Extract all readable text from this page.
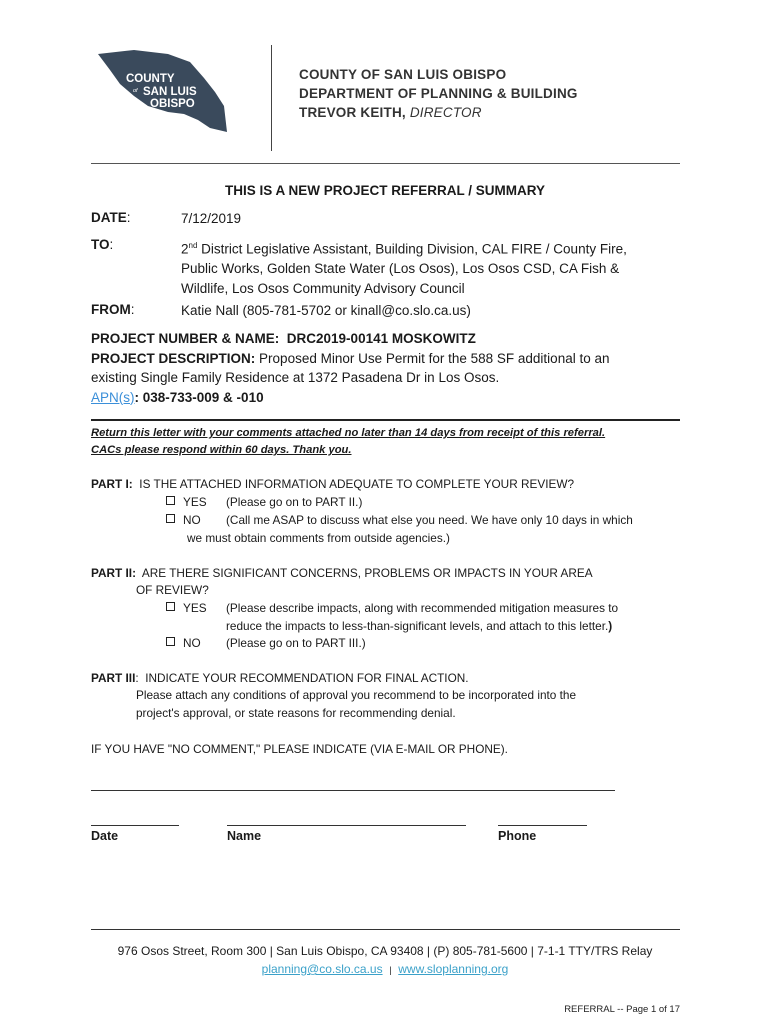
COUNTY
of SAN LUIS
OBISPO
COUNTY OF SAN LUIS OBISPO
DEPARTMENT OF PLANNING & BUILDING
TREVOR KEITH, DIRECTOR
THIS IS A NEW PROJECT REFERRAL / SUMMARY
DATE:	7/12/2019
TO:	2nd District Legislative Assistant, Building Division, CAL FIRE / County Fire,
Public Works, Golden State Water (Los Osos), Los Osos CSD, CA Fish &
Wildlife, Los Osos Community Advisory Council
FROM:	Katie Nall (805-781-5702 or kinall@co.slo.ca.us)
PROJECT NUMBER & NAME: DRC2019-00141 MOSKOWITZ
PROJECT DESCRIPTION: Proposed Minor Use Permit for the 588 SF additional to an
existing Single Family Residence at 1372 Pasadena Dr in Los Osos.
APN(s): 038-733-009 & -010
Return this letter with your comments attached no later than 14 days from receipt of this referral.
CACs please respond within 60 days. Thank you.
PART I: IS THE ATTACHED INFORMATION ADEQUATE TO COMPLETE YOUR REVIEW?
YES (Please go on to PART II.)
NO (Call me ASAP to discuss what else you need. We have only 10 days in which
we must obtain comments from outside agencies.)
PART II: ARE THERE SIGNIFICANT CONCERNS, PROBLEMS OR IMPACTS IN YOUR AREA
OF REVIEW?
YES (Please describe impacts, along with recommended mitigation measures to
reduce the impacts to less-than-significant levels, and attach to this letter.)
NO (Please go on to PART III.)
PART III: INDICATE YOUR RECOMMENDATION FOR FINAL ACTION.
Please attach any conditions of approval you recommend to be incorporated into the
project's approval, or state reasons for recommending denial.
IF YOU HAVE "NO COMMENT," PLEASE INDICATE (VIA E-MAIL OR PHONE).
Date	Name	Phone
976 Osos Street, Room 300 | San Luis Obispo, CA 93408 | (P) 805-781-5600 | 7-1-1 TTY/TRS Relay
planning@co.slo.ca.us | www.sloplanning.org
REFERRAL -- Page 1 of 17
